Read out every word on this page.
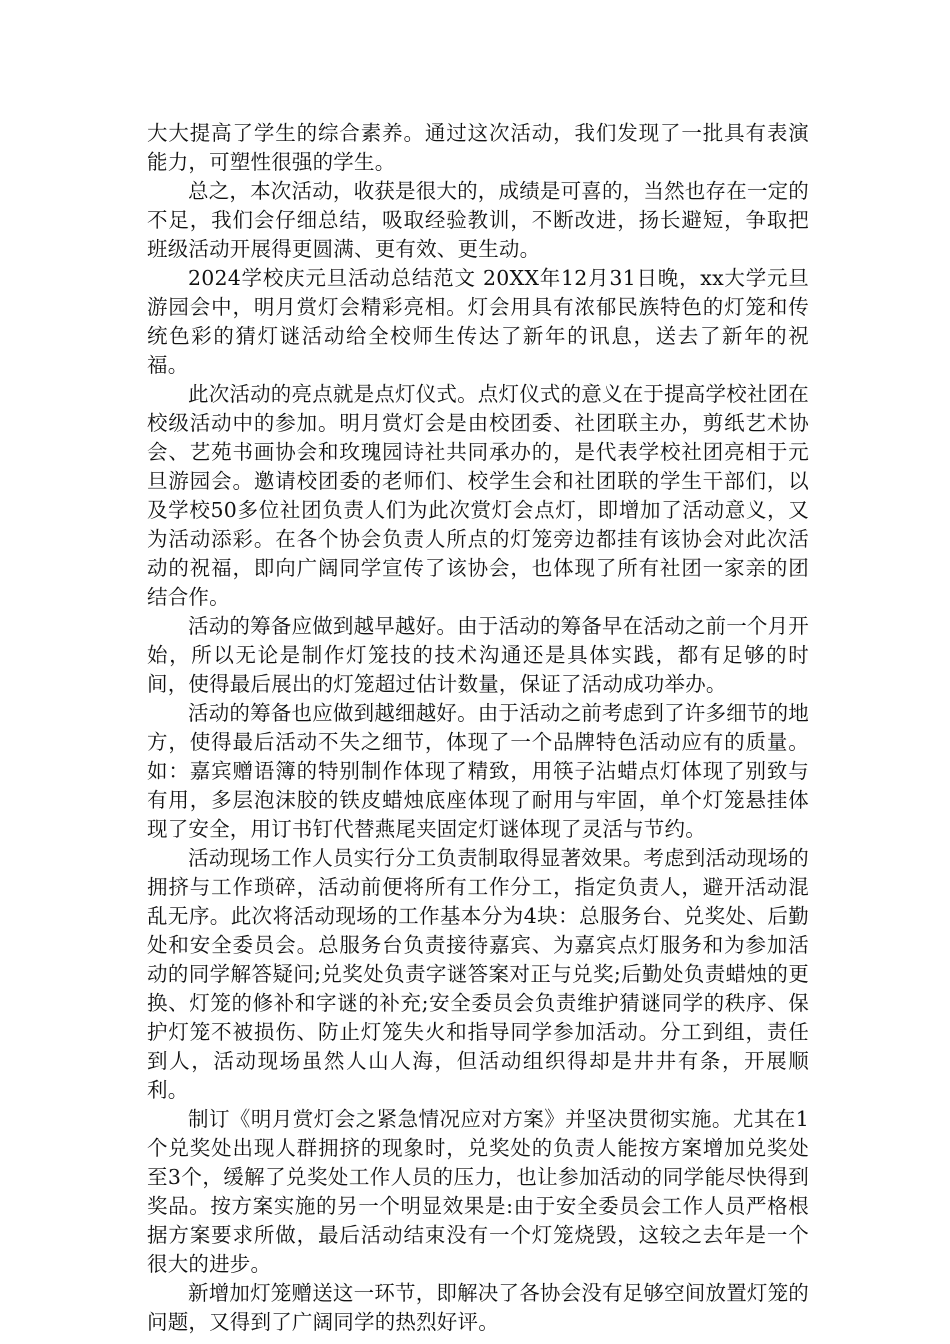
大大提高了学生的综合素养。通过这次活动，我们发现了一批具有表演能力，可塑性很强的学生。

总之，本次活动，收获是很大的，成绩是可喜的，当然也存在一定的不足，我们会仔细总结，吸取经验教训，不断改进，扬长避短，争取把班级活动开展得更圆满、更有效、更生动。

2024学校庆元旦活动总结范文 20XX年12月31日晚，xx大学元旦游园会中，明月赏灯会精彩亮相。灯会用具有浓郁民族特色的灯笼和传统色彩的猜灯谜活动给全校师生传达了新年的讯息，送去了新年的祝福。

此次活动的亮点就是点灯仪式。点灯仪式的意义在于提高学校社团在校级活动中的参加。明月赏灯会是由校团委、社团联主办，剪纸艺术协会、艺苑书画协会和玫瑰园诗社共同承办的，是代表学校社团亮相于元旦游园会。邀请校团委的老师们、校学生会和社团联的学生干部们，以及学校50多位社团负责人们为此次赏灯会点灯，即增加了活动意义，又为活动添彩。在各个协会负责人所点的灯笼旁边都挂有该协会对此次活动的祝福，即向广阔同学宣传了该协会，也体现了所有社团一家亲的团结合作。

活动的筹备应做到越早越好。由于活动的筹备早在活动之前一个月开始，所以无论是制作灯笼技的技术沟通还是具体实践，都有足够的时间，使得最后展出的灯笼超过估计数量，保证了活动成功举办。

活动的筹备也应做到越细越好。由于活动之前考虑到了许多细节的地方，使得最后活动不失之细节，体现了一个品牌特色活动应有的质量。如：嘉宾赠语簿的特别制作体现了精致，用筷子沾蜡点灯体现了别致与有用，多层泡沫胶的铁皮蜡烛底座体现了耐用与牢固，单个灯笼悬挂体现了安全，用订书钉代替燕尾夹固定灯谜体现了灵活与节约。

活动现场工作人员实行分工负责制取得显著效果。考虑到活动现场的拥挤与工作琐碎，活动前便将所有工作分工，指定负责人，避开活动混乱无序。此次将活动现场的工作基本分为4块：总服务台、兑奖处、后勤处和安全委员会。总服务台负责接待嘉宾、为嘉宾点灯服务和为参加活动的同学解答疑问;兑奖处负责字谜答案对正与兑奖;后勤处负责蜡烛的更换、灯笼的修补和字谜的补充;安全委员会负责维护猜谜同学的秩序、保护灯笼不被损伤、防止灯笼失火和指导同学参加活动。分工到组，责任到人，活动现场虽然人山人海，但活动组织得却是井井有条，开展顺利。

制订《明月赏灯会之紧急情况应对方案》并坚决贯彻实施。尤其在1个兑奖处出现人群拥挤的现象时，兑奖处的负责人能按方案增加兑奖处至3个，缓解了兑奖处工作人员的压力，也让参加活动的同学能尽快得到奖品。按方案实施的另一个明显效果是:由于安全委员会工作人员严格根据方案要求所做，最后活动结束没有一个灯笼烧毁，这较之去年是一个很大的进步。

新增加灯笼赠送这一环节，即解决了各协会没有足够空间放置灯笼的问题，又得到了广阔同学的热烈好评。
